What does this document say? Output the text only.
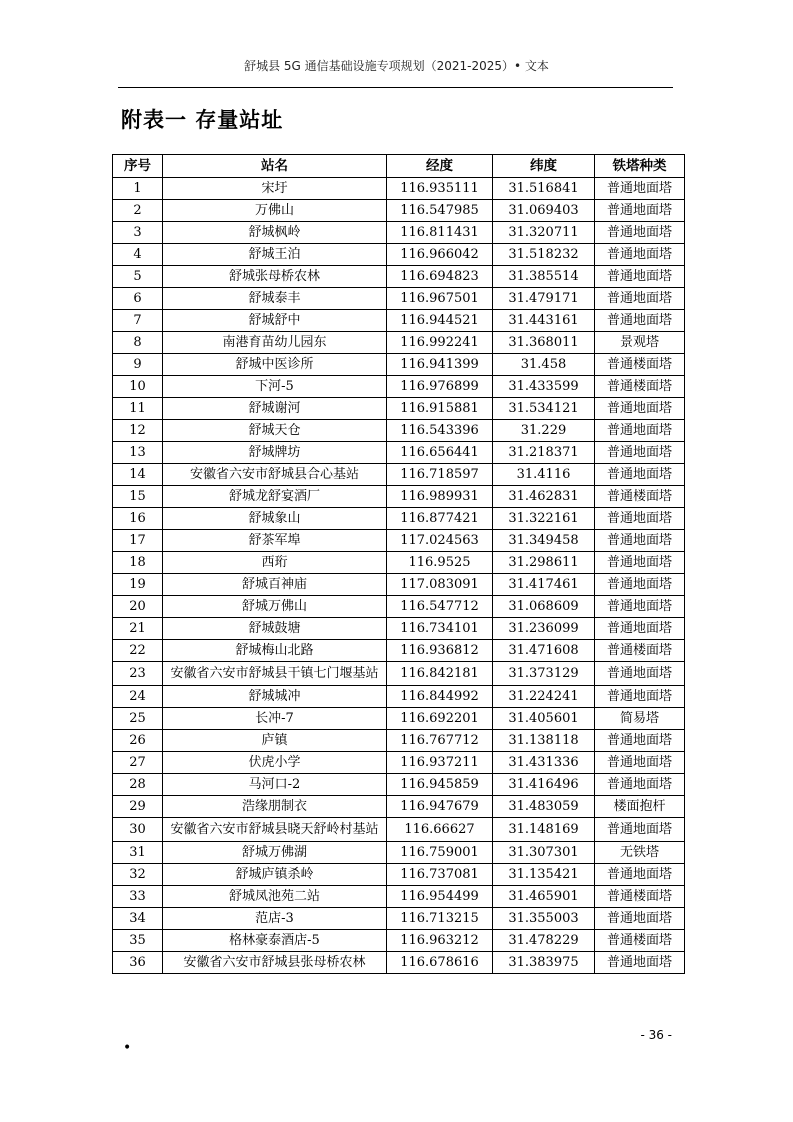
舒城县 5G 通信基础设施专项规划（2021-2025）• 文本
附表一 存量站址
序号	站名	经度	纬度	铁塔种类
1	宋圩	116.935111	31.516841	普通地面塔
2	万佛山	116.547985	31.069403	普通地面塔
3	舒城枫岭	116.811431	31.320711	普通地面塔
4	舒城王泊	116.966042	31.518232	普通地面塔
5	舒城张母桥农林	116.694823	31.385514	普通地面塔
6	舒城泰丰	116.967501	31.479171	普通地面塔
7	舒城舒中	116.944521	31.443161	普通地面塔
8	南港育苗幼儿园东	116.992241	31.368011	景观塔
9	舒城中医诊所	116.941399	31.458	普通楼面塔
10	下河-5	116.976899	31.433599	普通楼面塔
11	舒城谢河	116.915881	31.534121	普通地面塔
12	舒城天仓	116.543396	31.229	普通地面塔
13	舒城牌坊	116.656441	31.218371	普通地面塔
14	安徽省六安市舒城县合心基站	116.718597	31.4116	普通地面塔
15	舒城龙舒宴酒厂	116.989931	31.462831	普通楼面塔
16	舒城象山	116.877421	31.322161	普通地面塔
17	舒茶军埠	117.024563	31.349458	普通地面塔
18	西珩	116.9525	31.298611	普通地面塔
19	舒城百神庙	117.083091	31.417461	普通地面塔
20	舒城万佛山	116.547712	31.068609	普通地面塔
21	舒城鼓塘	116.734101	31.236099	普通地面塔
22	舒城梅山北路	116.936812	31.471608	普通楼面塔
23	安徽省六安市舒城县干镇七门堰基站	116.842181	31.373129	普通地面塔
24	舒城城冲	116.844992	31.224241	普通地面塔
25	长冲-7	116.692201	31.405601	简易塔
26	庐镇	116.767712	31.138118	普通地面塔
27	伏虎小学	116.937211	31.431336	普通地面塔
28	马河口-2	116.945859	31.416496	普通地面塔
29	浩缘朋制衣	116.947679	31.483059	楼面抱杆
30	安徽省六安市舒城县晓天舒岭村基站	116.66627	31.148169	普通地面塔
31	舒城万佛湖	116.759001	31.307301	无铁塔
32	舒城庐镇杀岭	116.737081	31.135421	普通地面塔
33	舒城凤池苑二站	116.954499	31.465901	普通楼面塔
34	范店-3	116.713215	31.355003	普通地面塔
35	格林豪泰酒店-5	116.963212	31.478229	普通楼面塔
36	安徽省六安市舒城县张母桥农林	116.678616	31.383975	普通地面塔
- 36 -
•
